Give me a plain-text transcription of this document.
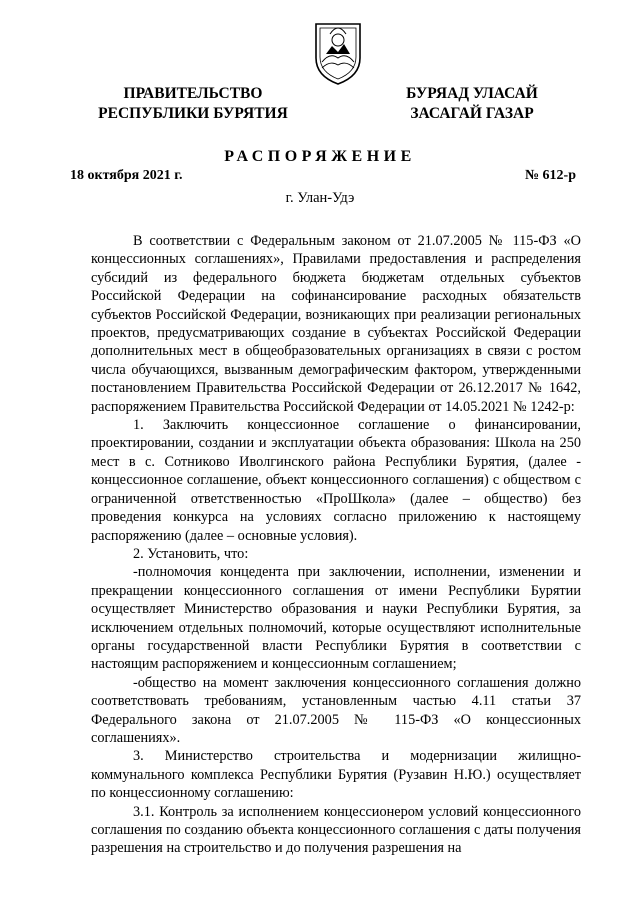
ПРАВИТЕЛЬСТВО
РЕСПУБЛИКИ БУРЯТИЯ
БУРЯАД УЛАСАЙ
ЗАСАГАЙ ГАЗАР
РАСПОРЯЖЕНИЕ
18 октября 2021 г.	№ 612-р
г. Улан-Удэ

В соответствии с Федеральным законом от 21.07.2005 № 115-ФЗ «О концессионных соглашениях», Правилами предоставления и распределения субсидий из федерального бюджета бюджетам отдельных субъектов Российской Федерации на софинансирование расходных обязательств субъектов Российской Федерации, возникающих при реализации региональных проектов, предусматривающих создание в субъектах Российской Федерации дополнительных мест в общеобразовательных организациях в связи с ростом числа обучающихся, вызванным демографическим фактором, утвержденными постановлением Правительства Российской Федерации от 26.12.2017 № 1642, распоряжением Правительства Российской Федерации от 14.05.2021 № 1242-р:

1. Заключить концессионное соглашение о финансировании, проектировании, создании и эксплуатации объекта образования: Школа на 250 мест в с. Сотниково Иволгинского района Республики Бурятия, (далее - концессионное соглашение, объект концессионного соглашения) с обществом с ограниченной ответственностью «ПроШкола» (далее – общество) без проведения конкурса на условиях согласно приложению к настоящему распоряжению (далее – основные условия).

2. Установить, что:

-полномочия концедента при заключении, исполнении, изменении и прекращении концессионного соглашения от имени Республики Бурятии осуществляет Министерство образования и науки Республики Бурятия, за исключением отдельных полномочий, которые осуществляют исполнительные органы государственной власти Республики Бурятия в соответствии с настоящим распоряжением и концессионным соглашением;

-общество на момент заключения концессионного соглашения должно соответствовать требованиям, установленным частью 4.11 статьи 37 Федерального закона от 21.07.2005 № 115-ФЗ «О концессионных соглашениях».

3. Министерство строительства и модернизации жилищно-коммунального комплекса Республики Бурятия (Рузавин Н.Ю.) осуществляет по концессионному соглашению:

3.1. Контроль за исполнением концессионером условий концессионного соглашения по созданию объекта концессионного соглашения с даты получения разрешения на строительство и до получения разрешения на
